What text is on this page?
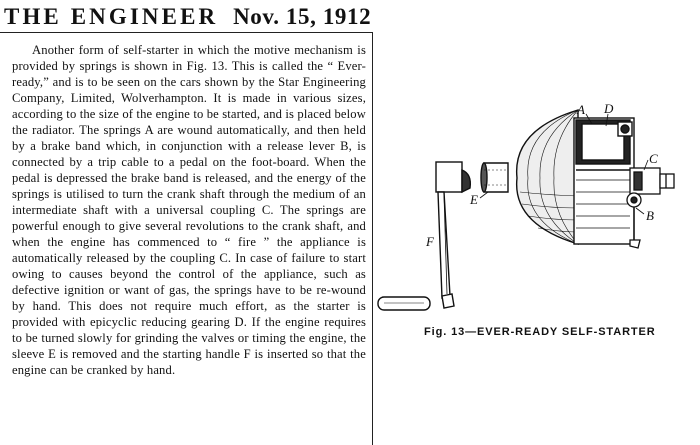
THE ENGINEER Nov. 15, 1912
Another form of self-starter in which the motive mechanism is provided by springs is shown in Fig. 13. This is called the “ Ever-ready,” and is to be seen on the cars shown by the Star Engineering Company, Limited, Wolverhampton. It is made in various sizes, according to the size of the engine to be started, and is placed below the radiator. The springs A are wound automatically, and then held by a brake band which, in conjunction with a release lever B, is connected by a trip cable to a pedal on the foot-board. When the pedal is depressed the brake band is released, and the energy of the springs is utilised to turn the crank shaft through the medium of an intermediate shaft with a universal coupling C. The springs are powerful enough to give several revolutions to the crank shaft, and when the engine has commenced to “ fire ” the appliance is automatically released by the coupling C. In case of failure to start owing to causes beyond the control of the appliance, such as defective ignition or want of gas, the springs have to be re-wound by hand. This does not require much effort, as the starter is provided with epicyclic reducing gearing D. If the engine requires to be turned slowly for grinding the valves or timing the engine, the sleeve E is removed and the starting handle F is inserted so that the engine can be cranked by hand.
A D
C
B
E
F
Fig. 13—EVER-READY SELF-STARTER
